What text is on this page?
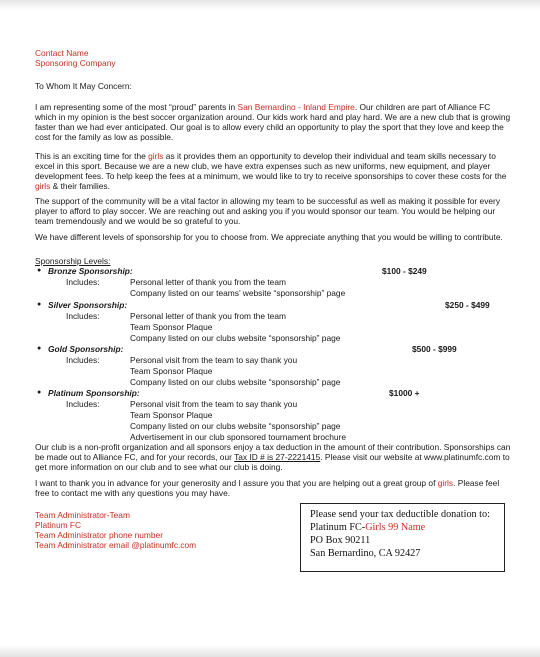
Contact Name
Sponsoring Company
To Whom It May Concern:

I am representing some of the most “proud” parents in San Bernardino - Inland Empire. Our children are part of Alliance FC which in my opinion is the best soccer organization around. Our kids work hard and play hard. We are a new club that is growing faster than we had ever anticipated. Our goal is to allow every child an opportunity to play the sport that they love and keep the cost for the family as low as possible.

This is an exciting time for the girls as it provides them an opportunity to develop their individual and team skills necessary to excel in this sport. Because we are a new club, we have extra expenses such as new uniforms, new equipment, and player development fees. To help keep the fees at a minimum, we would like to try to receive sponsorships to cover these costs for the girls & their families.

The support of the community will be a vital factor in allowing my team to be successful as well as making it possible for every player to afford to play soccer. We are reaching out and asking you if you would sponsor our team. You would be helping our team tremendously and we would be so grateful to you.

We have different levels of sponsorship for you to choose from. We appreciate anything that you would be willing to contribute.

Sponsorship Levels:
● Bronze Sponsorship:	$100 - $249
Includes:	Personal letter of thank you from the team
Company listed on our teams’ website “sponsorship” page
● Silver Sponsorship:	$250 - $499
Includes:	Personal letter of thank you from the team
Team Sponsor Plaque
Company listed on our clubs website “sponsorship” page
● Gold Sponsorship:	$500 - $999
Includes:	Personal visit from the team to say thank you
Team Sponsor Plaque
Company listed on our clubs website “sponsorship” page
● Platinum Sponsorship:	$1000 +
Includes:	Personal visit from the team to say thank you
Team Sponsor Plaque
Company listed on our clubs website “sponsorship” page
Advertisement in our club sponsored tournament brochure

Our club is a non-profit organization and all sponsors enjoy a tax deduction in the amount of their contribution. Sponsorships can be made out to Alliance FC, and for your records, our Tax ID # is 27-2221415. Please visit our website at www.platinumfc.com to get more information on our club and to see what our club is doing.

I want to thank you in advance for your generosity and I assure you that you are helping out a great group of girls. Please feel free to contact me with any questions you may have.

Team Administrator-Team
Platinum FC
Team Administrator phone number
Team Administrator email @platinumfc.com
Please send your tax deductible donation to:
Platinum FC-Girls 99 Name
PO Box 90211
San Bernardino, CA 92427
